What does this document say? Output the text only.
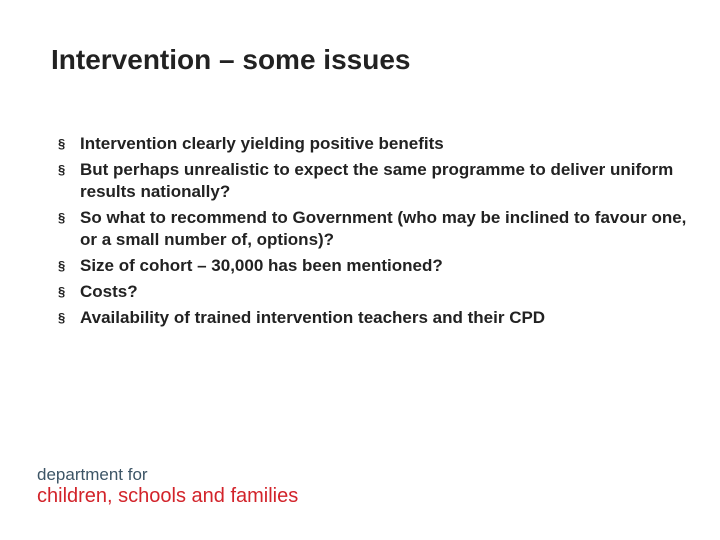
Intervention – some issues
§ Intervention clearly yielding positive benefits
§ But perhaps unrealistic to expect the same programme to deliver uniform results nationally?
§ So what to recommend to Government (who may be inclined to favour one, or a small number of, options)?
§ Size of cohort – 30,000 has been mentioned?
§ Costs?
§ Availability of trained intervention teachers and their CPD
department for
children, schools and families
